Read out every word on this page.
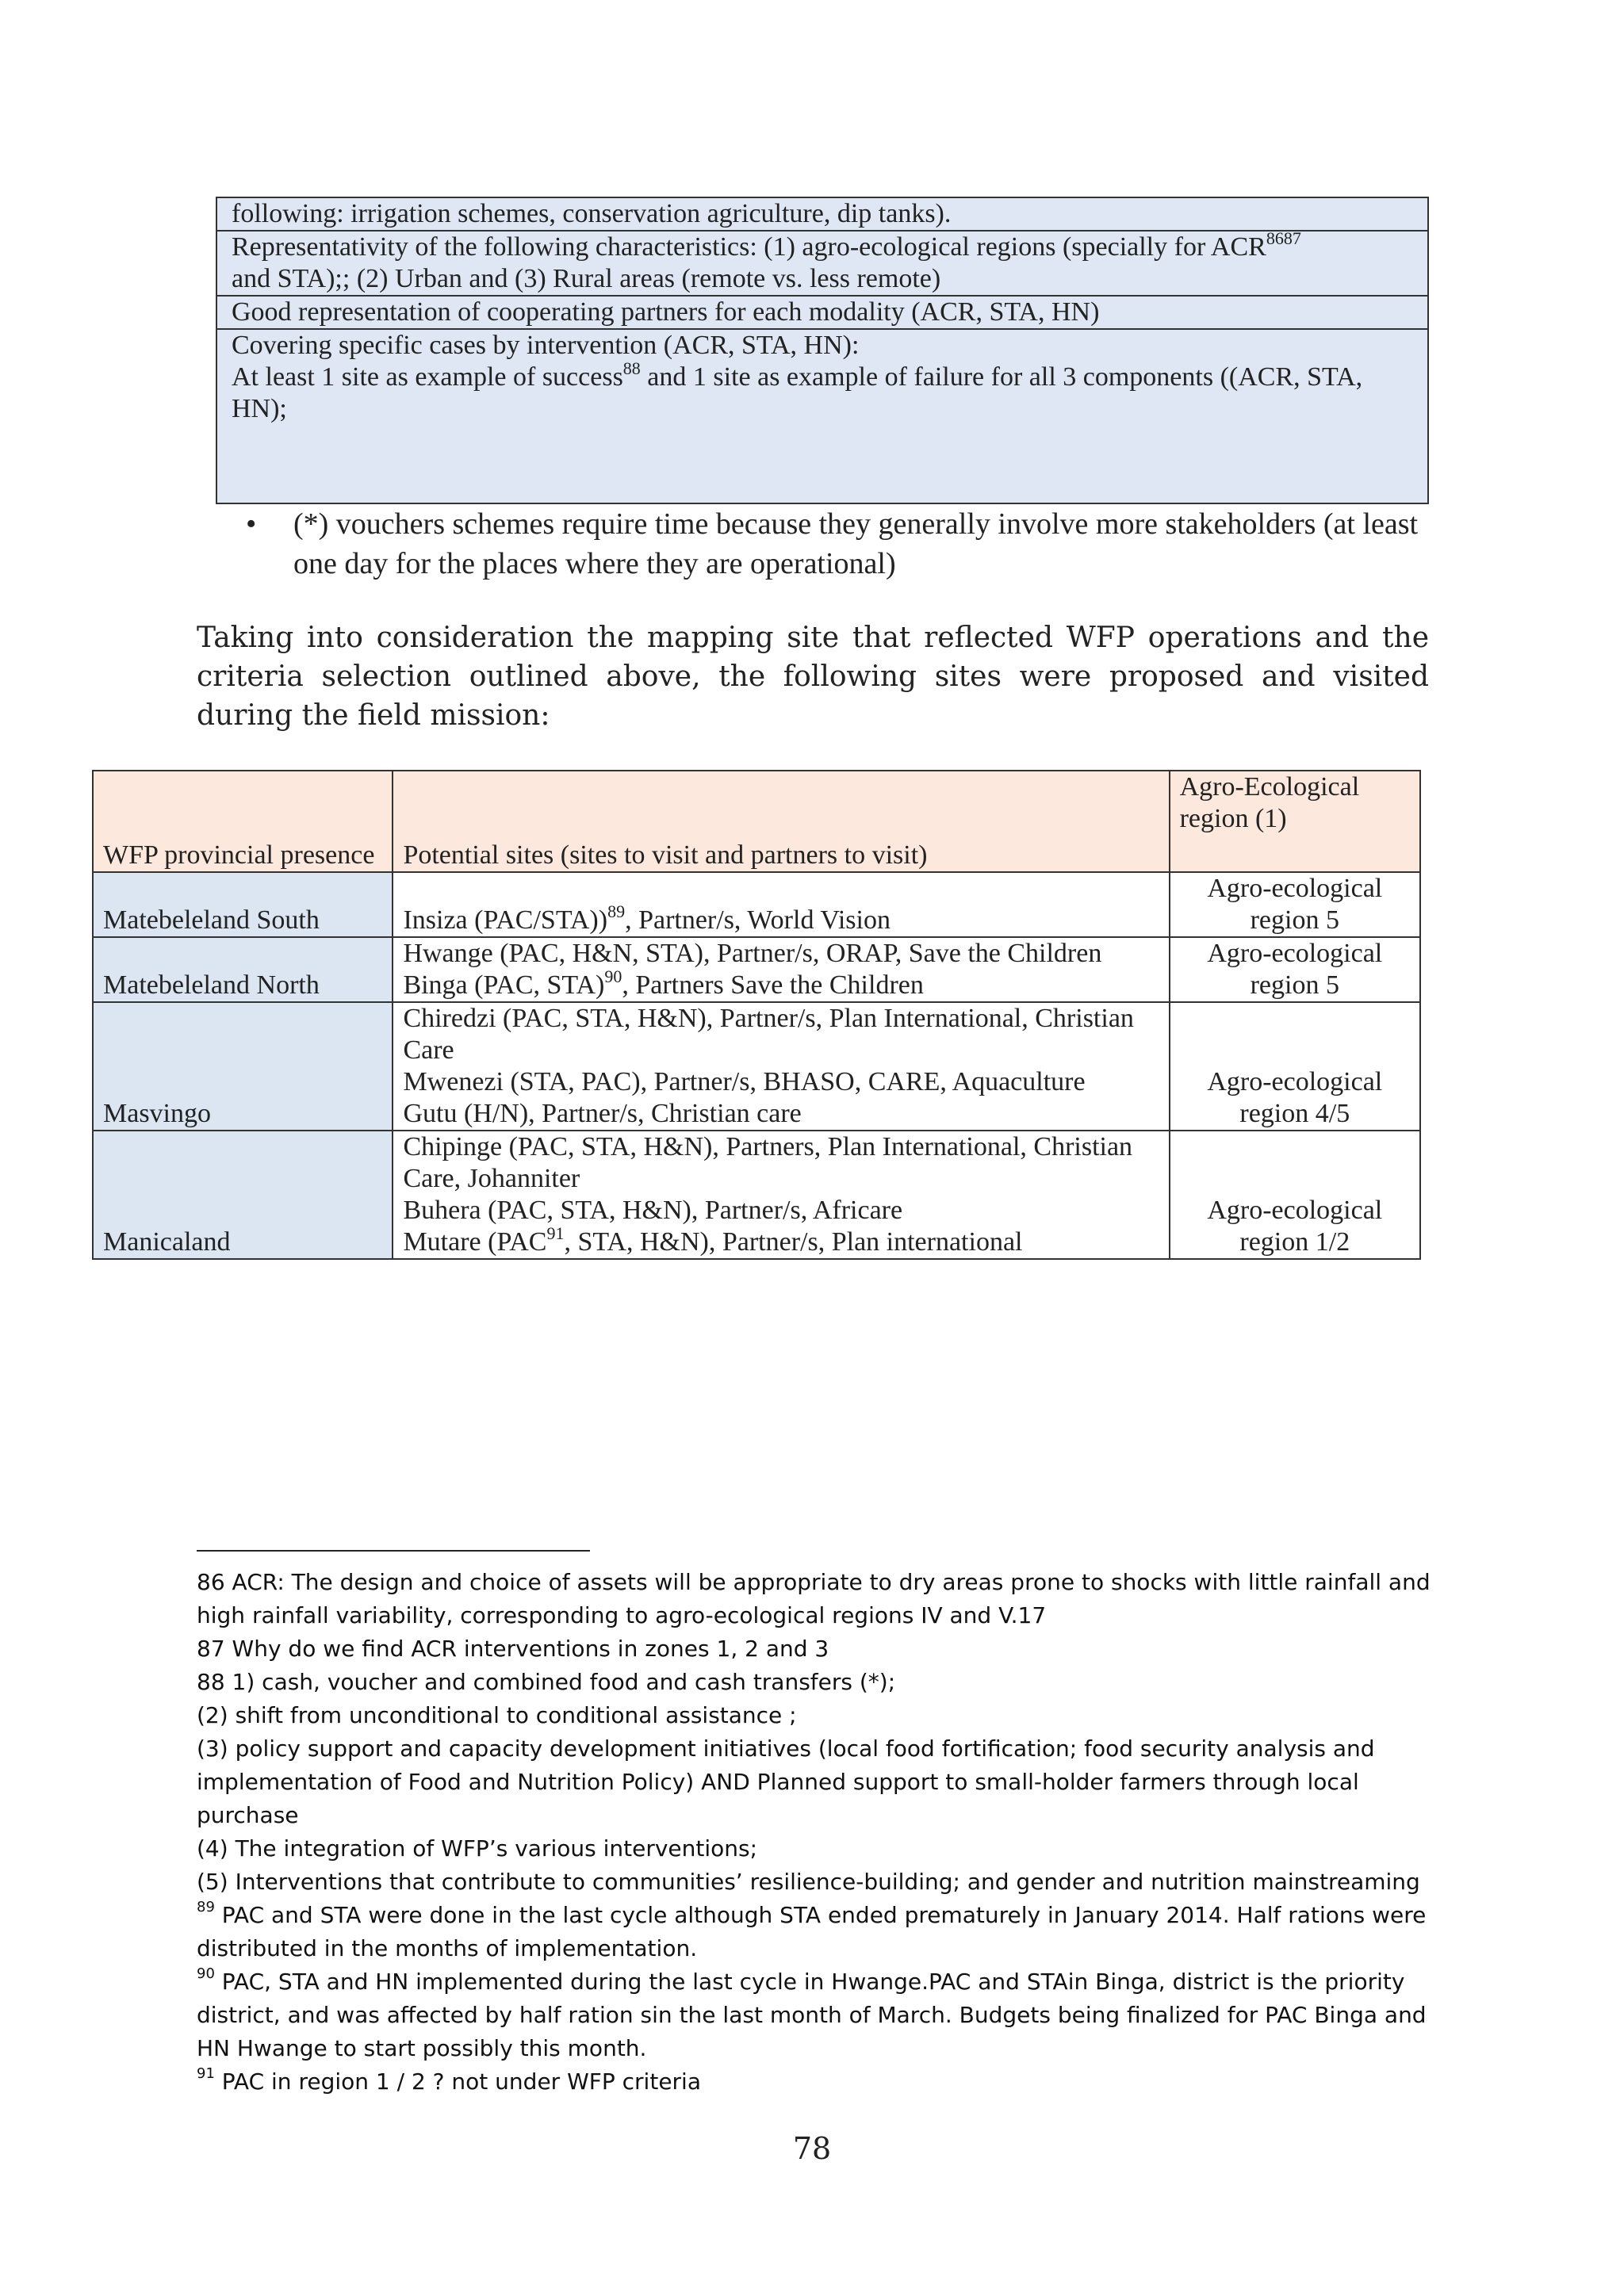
following: irrigation schemes, conservation agriculture, dip tanks).
Representativity of the following characteristics: (1) agro-ecological regions (specially for $ACR^{8687}$
and STA);; (2) Urban and (3) Rural areas (remote vs. less remote)
Good representation of cooperating partners for each modality (ACR, STA, HN)
Covering specific cases by intervention (ACR, STA, HN):
At least 1 site as example of success$^{88}$ and 1 site as example of failure for all 3 components ((ACR, STA, HN);
• (*) vouchers schemes require time because they generally involve more stakeholders (at least one day for the places where they are operational)
Taking into consideration the mapping site that reflected WFP operations and the criteria selection outlined above, the following sites were proposed and visited during the field mission:
WFP provincial presence	Potential sites (sites to visit and partners to visit)	Agro-Ecological region (1)
Matebeleland South	Insiza (PAC/STA))$^{89}$, Partner/s, World Vision	Agro-ecological region 5
Matebeleland North	Hwange (PAC, H&N, STA), Partner/s, ORAP, Save the Children
Binga (PAC, STA)$^{90}$, Partners Save the Children	Agro-ecological region 5
Masvingo	Chiredzi (PAC, STA, H&N), Partner/s, Plan International, Christian Care
Mwenezi (STA, PAC), Partner/s, BHASO, CARE, Aquaculture
Gutu (H/N), Partner/s, Christian care	Agro-ecological region 4/5
Manicaland	Chipinge (PAC, STA, H&N), Partners, Plan International, Christian Care, Johanniter
Buhera (PAC, STA, H&N), Partner/s, Africare
Mutare (PAC$^{91}$, STA, H&N), Partner/s, Plan international	Agro-ecological region 1/2
86 ACR: The design and choice of assets will be appropriate to dry areas prone to shocks with little rainfall and high rainfall variability, corresponding to agro-ecological regions IV and V.17
87 Why do we find ACR interventions in zones 1, 2 and 3
88 1) cash, voucher and combined food and cash transfers (*);
(2) shift from unconditional to conditional assistance ;
(3) policy support and capacity development initiatives (local food fortification; food security analysis and implementation of Food and Nutrition Policy) AND Planned support to small-holder farmers through local purchase
(4) The integration of WFP’s various interventions;
(5) Interventions that contribute to communities’ resilience-building; and gender and nutrition mainstreaming
$^{89}$ PAC and STA were done in the last cycle although STA ended prematurely in January 2014. Half rations were distributed in the months of implementation.
$^{90}$ PAC, STA and HN implemented during the last cycle in Hwange.PAC and STAin Binga, district is the priority district, and was affected by half ration sin the last month of March. Budgets being finalized for PAC Binga and HN Hwange to start possibly this month.
$^{91}$ PAC in region 1 / 2 ? not under WFP criteria
78
